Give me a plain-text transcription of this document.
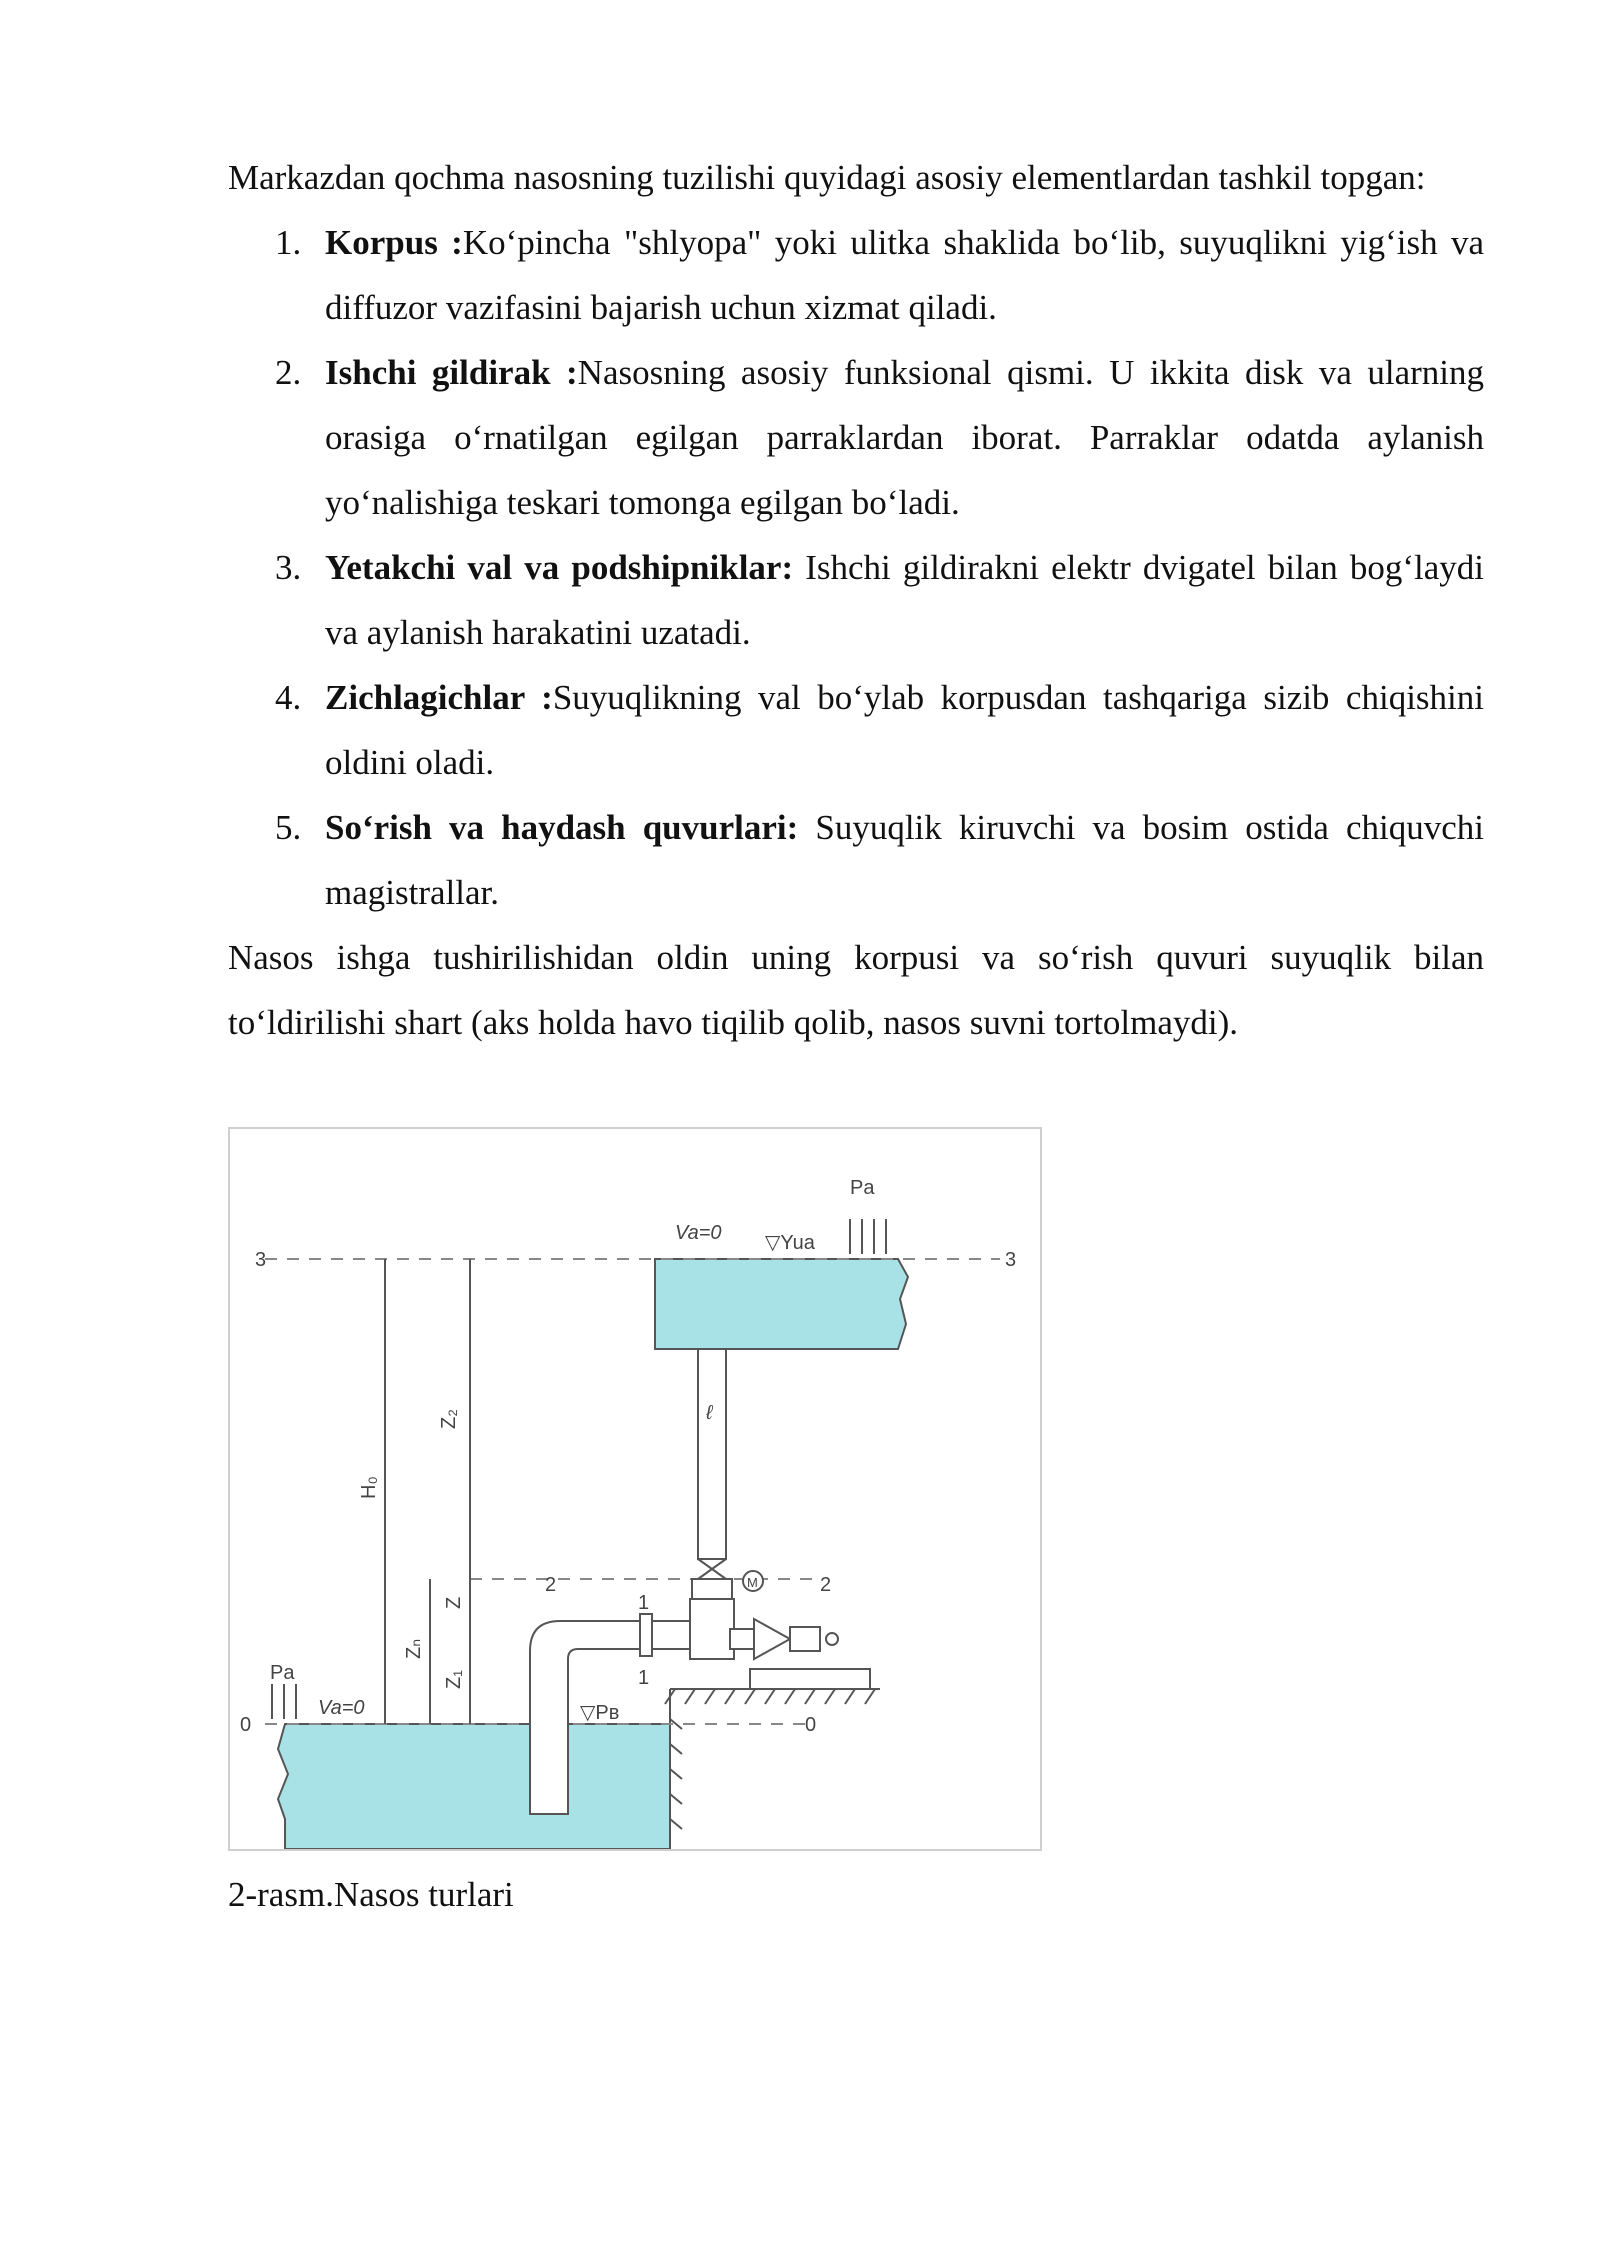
Markazdan qochma nasosning tuzilishi quyidagi asosiy elementlardan tashkil topgan:

1. Korpus :Ko‘pincha "shlyopa" yoki ulitka shaklida bo‘lib, suyuqlikni yig‘ish va diffuzor vazifasini bajarish uchun xizmat qiladi.
2. Ishchi gildirak :Nasosning asosiy funksional qismi. U ikkita disk va ularning orasiga o‘rnatilgan egilgan parraklardan iborat. Parraklar odatda aylanish yo‘nalishiga teskari tomonga egilgan bo‘ladi.
3. Yetakchi val va podshipniklar: Ishchi gildirakni elektr dvigatel bilan bog‘laydi va aylanish harakatini uzatadi.
4. Zichlagichlar :Suyuqlikning val bo‘ylab korpusdan tashqariga sizib chiqishini oldini oladi.
5. So‘rish va haydash quvurlari: Suyuqlik kiruvchi va bosim ostida chiquvchi magistrallar.

Nasos ishga tushirilishidan oldin uning korpusi va so‘rish quvuri suyuqlik bilan to‘ldirilishi shart (aks holda havo tiqilib qolib, nasos suvni tortolmaydi).

Pa
Va=0 ▽Yua
3	3
Z₂
H₀
2	2
M
1
1
Z
Zₙ
Z₁
Pa
Va=0
0	0
▽Pв
ℓ
2-rasm.Nasos turlari
